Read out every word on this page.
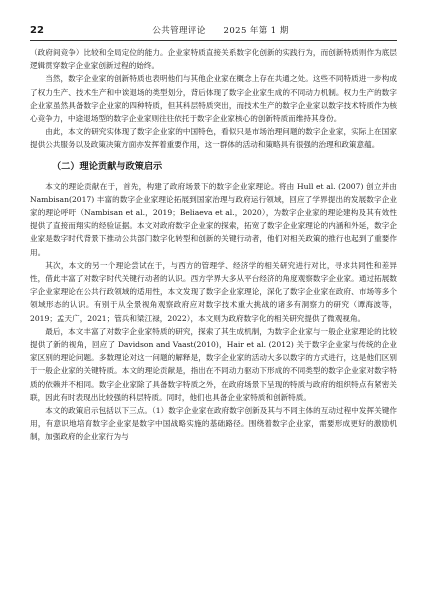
22	公共管理评论　　 2025 年第 1 期

（政府间竞争）比较和全局定位的能力。企业家特质直接关系数字化创新的实践行为，而创新特质则作为底层逻辑贯穿数字企业家创新过程的始终。

当然，数字企业家的创新特质也表明他们与其他企业家在概念上存在共通之处。这些不同特质进一步构成了权力生产、技术生产和中诶退场的类型划分，背后体现了数字企业家生成的不同动力机制。权力生产的数字企业家虽然具备数字企业家的四种特质，但其科层特质突出，而技术生产的数字企业家以数字技术特质作为核心竞争力，中途退场型的数字企业家则往往依托于数字企业家核心的创新特质而维持其身份。

由此，本文的研究实体现了数字企业家的中国特色，看似只是市场治理问题的数字企业家，实际上在国家提供公共服务以及政策决策方面亦发挥着重要作用，这一群体的活动和策略具有很强的治理和政策意蕴。

（二）理论贡献与政策启示

本文的理论贡献在于，首先，构建了政府场景下的数字企业家理论。将由 Hull et al. (2007) 创立并由 Nambisan(2017) 丰富的数字企业家理论拓展到国家治理与政府运行领域，回应了学界提出的发展数字企业家的理论呼吁（Nambisan et al.，2019；Beliaeva et al.，2020），为数字企业家的理论建构及其有效性提供了直接而翔实的经验证据。本文对政府数字企业家的探索，拓宽了数字企业家理论的内涵和外延，数字企业家是数字时代背景下推动公共部门数字化转型和创新的关键行动者，他们对相关政策的推行也起到了重要作用。

其次，本文的另一个理论尝试在于，与西方的管理学、经济学的相关研究进行对比，寻求共同性和差异性，借此丰富了对数字时代关键行动者的认识。西方学界大多从平台经济的角度观察数字企业家。通过拓展数字企业家理论在公共行政领域的适用性，本文发现了数字企业家理论，深化了数字企业家在政府、市场等多个领域形态的认识。有别于从全景视角观察政府应对数字技术重大挑战的诸多有洞察力的研究（谭海波等，2019；孟天广，2021；管兵和梁江禄，2022），本文则为政府数字化的相关研究提供了微观视角。

最后，本文丰富了对数字企业家特质的研究，探索了其生成机制，为数字企业家与一般企业家理论的比较提供了新的视角，回应了 Davidson and Vaast(2010)，Hair et al. (2012) 关于数字企业家与传统的企业家区别的理论问题。多数理论对这一问题的解释是，数字企业家的活动大多以数字的方式进行，这是他们区别于一般企业家的关键特质。本文的理论贡献是，指出在不同动力驱动下形成的不同类型的数字企业家对数字特质的依赖并不相同。数字企业家除了具备数字特质之外，在政府场景下呈现的特质与政府的组织特点有紧密关联，因此有时表现出比较强的科层特质。同时，他们也具备企业家特质和创新特质。

本文的政策启示包括以下三点。（1）数字企业家在政府数字创新及其与不同主体的互动过程中发挥关键作用，有意识地培育数字企业家是数字中国战略实施的基础路径。围绕着数字企业家，需要形成更好的激励机制，加强政府的企业家行为与
